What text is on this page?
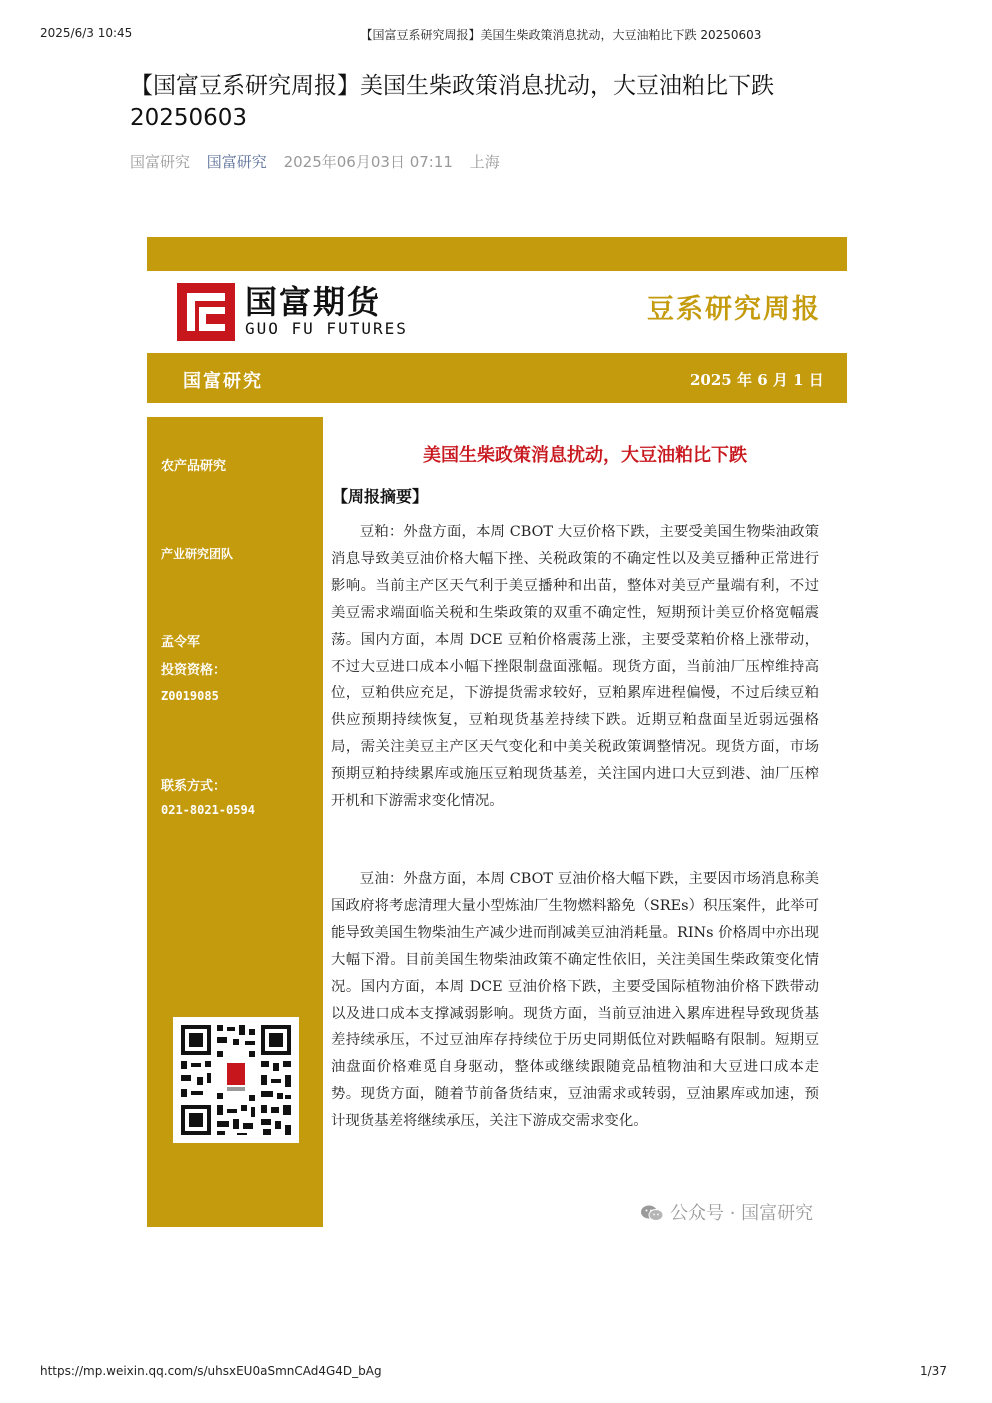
2025/6/3 10:45	【国富豆系研究周报】美国生柴政策消息扰动，大豆油粕比下跌 20250603
【国富豆系研究周报】美国生柴政策消息扰动，大豆油粕比下跌20250603
国富研究 国富研究 2025年06月03日 07:11 上海
国富期货
GUO FU FUTURES
豆系研究周报
国富研究	2025 年 6 月 1 日
农产品研究
产业研究团队
孟令军
投资资格：
Z0019085
联系方式：
021-8021-0594
美国生柴政策消息扰动，大豆油粕比下跌
【周报摘要】
豆粕：外盘方面，本周 CBOT 大豆价格下跌，主要受美国生物柴油政策消息导致美豆油价格大幅下挫、关税政策的不确定性以及美豆播种正常进行影响。当前主产区天气利于美豆播种和出苗，整体对美豆产量端有利，不过美豆需求端面临关税和生柴政策的双重不确定性，短期预计美豆价格宽幅震荡。国内方面，本周 DCE 豆粕价格震荡上涨，主要受菜粕价格上涨带动，不过大豆进口成本小幅下挫限制盘面涨幅。现货方面，当前油厂压榨维持高位，豆粕供应充足，下游提货需求较好，豆粕累库进程偏慢，不过后续豆粕供应预期持续恢复，豆粕现货基差持续下跌。近期豆粕盘面呈近弱远强格局，需关注美豆主产区天气变化和中美关税政策调整情况。现货方面，市场预期豆粕持续累库或施压豆粕现货基差，关注国内进口大豆到港、油厂压榨开机和下游需求变化情况。
豆油：外盘方面，本周 CBOT 豆油价格大幅下跌，主要因市场消息称美国政府将考虑清理大量小型炼油厂生物燃料豁免（SREs）积压案件，此举可能导致美国生物柴油生产减少进而削减美豆油消耗量。RINs 价格周中亦出现大幅下滑。目前美国生物柴油政策不确定性依旧，关注美国生柴政策变化情况。国内方面，本周 DCE 豆油价格下跌，主要受国际植物油价格下跌带动以及进口成本支撑减弱影响。现货方面，当前豆油进入累库进程导致现货基差持续承压，不过豆油库存持续位于历史同期低位对跌幅略有限制。短期豆油盘面价格难觅自身驱动，整体或继续跟随竞品植物油和大豆进口成本走势。现货方面，随着节前备货结束，豆油需求或转弱，豆油累库或加速，预计现货基差将继续承压，关注下游成交需求变化。
公众号 · 国富研究
https://mp.weixin.qq.com/s/uhsxEU0aSmnCAd4G4D_bAg	1/37
